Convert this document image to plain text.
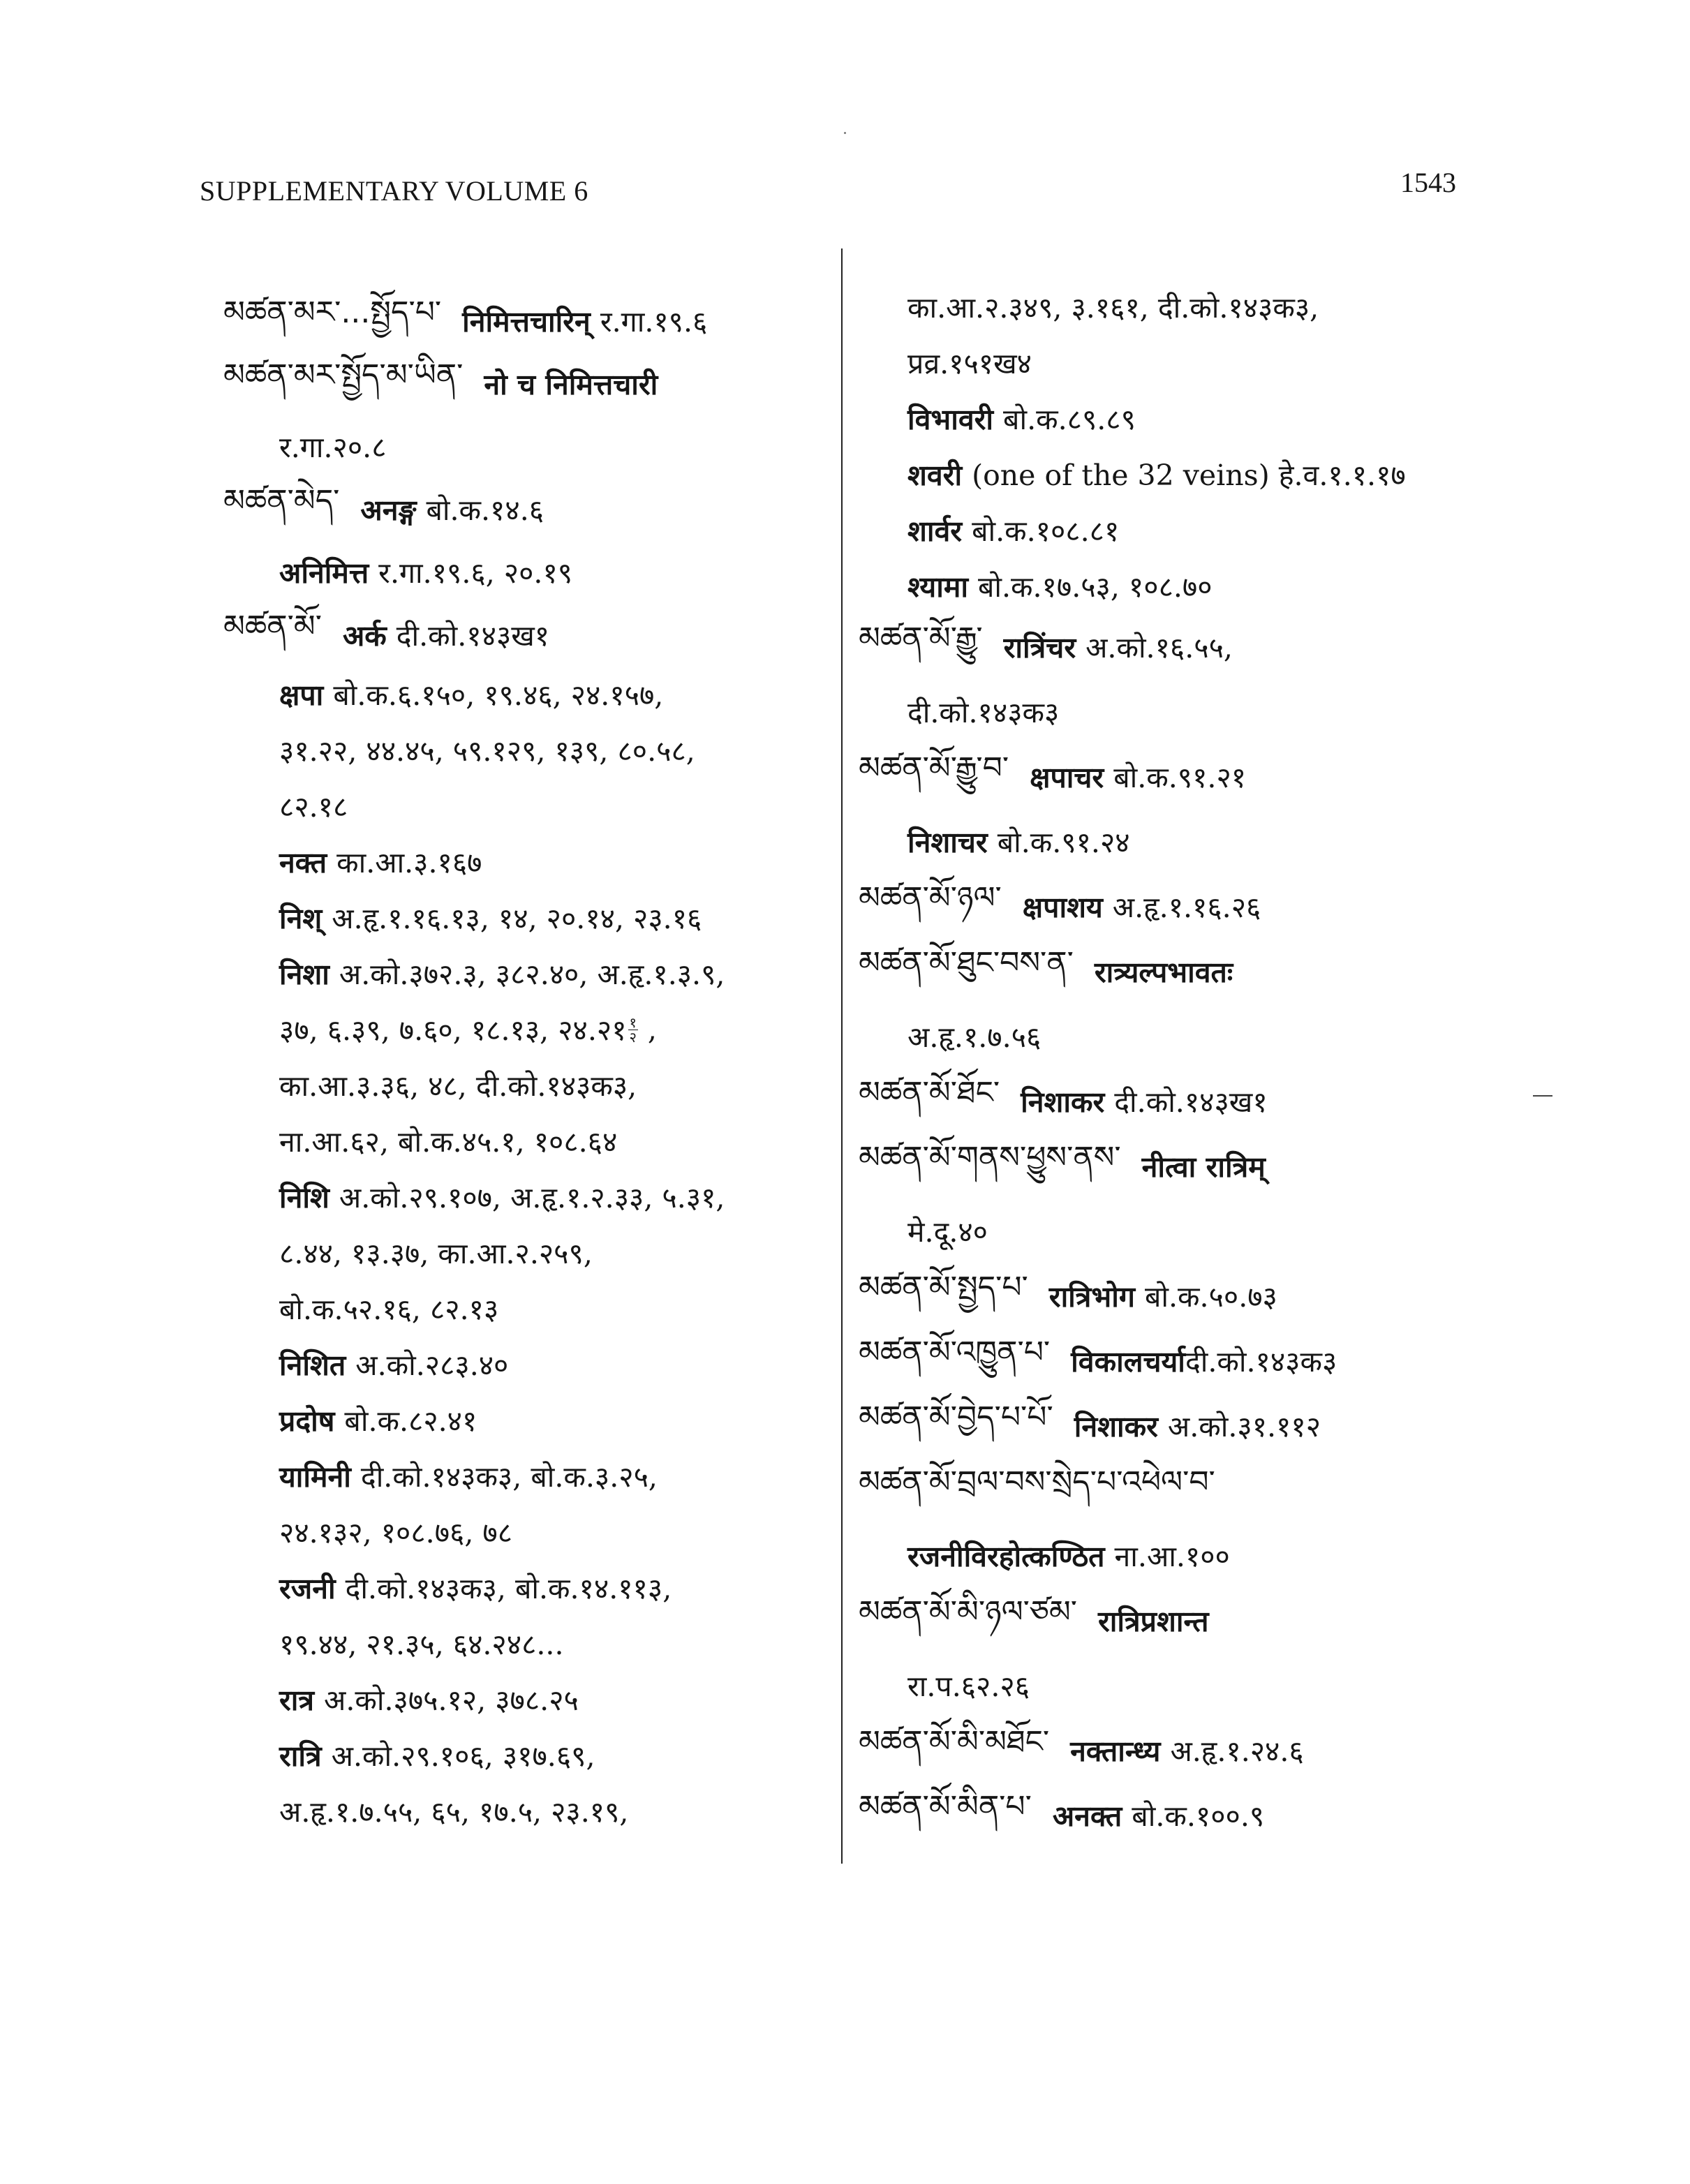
SUPPLEMENTARY VOLUME 6	1543
མཚན་མར་...སྤྱོད་པ་ निमित्तचारिन् र.गा.१९.६
མཚན་མར་སྤྱོད་མ་ཡིན་ नो च निमित्तचारी
र.गा.२०.८
མཚན་མེད་ अनङ्ग बो.क.१४.६
अनिमित्त र.गा.१९.६, २०.१९
མཚན་མོ་ अर्क दी.को.१४३ख१
क्षपा बो.क.६.१५०, १९.४६, २४.१५७,
३१.२२, ४४.४५, ५९.१२९, १३९, ८०.५८,
८२.१८
नक्त का.आ.३.१६७
निश् अ.हृ.१.१६.१३, १४, २०.१४, २३.१६
निशा अ.को.३७२.३, ३८२.४०, अ.हृ.१.३.९,
३७, ६.३९, ७.६०, १८.१३, २४.२१ $\frac{१}{२}$ ,
का.आ.३.३६, ४८, दी.को.१४३क३,
ना.आ.६२, बो.क.४५.१, १०८.६४
निशि अ.को.२९.१०७, अ.हृ.१.२.३३, ५.३१,
८.४४, १३.३७, का.आ.२.२५९,
बो.क.५२.१६, ८२.१३
निशित अ.को.२८३.४०
प्रदोष बो.क.८२.४१
यामिनी दी.को.१४३क३, बो.क.३.२५,
२४.१३२, १०८.७६, ७८
रजनी दी.को.१४३क३, बो.क.१४.११३,
१९.४४, २१.३५, ६४.२४८...
रात्र अ.को.३७५.१२, ३७८.२५
रात्रि अ.को.२९.१०६, ३१७.६९,
अ.हृ.१.७.५५, ६५, १७.५, २३.१९,
का.आ.२.३४९, ३.१६१, दी.को.१४३क३,
प्रव्र.१५१ख४
विभावरी बो.क.८९.८९
शवरी (one of the 32 veins) हे.व.१.१.१७
शार्वर बो.क.१०८.८१
श्यामा बो.क.१७.५३, १०८.७०
མཚན་མོ་རྒྱུ་ रात्रिंचर अ.को.१६.५५,
दी.को.१४३क३
མཚན་མོ་རྒྱུ་བ་ क्षपाचर बो.क.९१.२१
निशाचर बो.क.९१.२४
མཚན་མོ་ཉལ་ क्षपाशय अ.हृ.१.१६.२६
མཚན་མོ་ཐུང་བས་ན་ रात्र्यल्पभावतः
अ.हृ.१.७.५६
མཚན་མོ་ཐོང་ निशाकर दी.को.१४३ख१
མཚན་མོ་གནས་ཕྱུས་ནས་ नीत्वा रात्रिम्
मे.दू.४०
མཚན་མོ་སྤྱད་པ་ रात्रिभोग बो.क.५०.७३
མཚན་མོ་འཁྱུན་པ་ विकालचर्या दी.को.१४३क३
མཚན་མོ་བྱེད་པ་པོ་ निशाकर अ.को.३१.११२
མཚན་མོ་བྲལ་བས་སྲེད་པ་འཕེལ་བ་
रजनीविरहोत्कण्ठित ना.आ.१००
མཚན་མོ་མི་ཉལ་ཙམ་ रात्रिप्रशान्त
रा.प.६२.२६
མཚན་མོ་མི་མཐོང་ नक्तान्ध्य अ.हृ.१.२४.६
མཚན་མོ་མིན་པ་ अनक्त बो.क.१००.९
